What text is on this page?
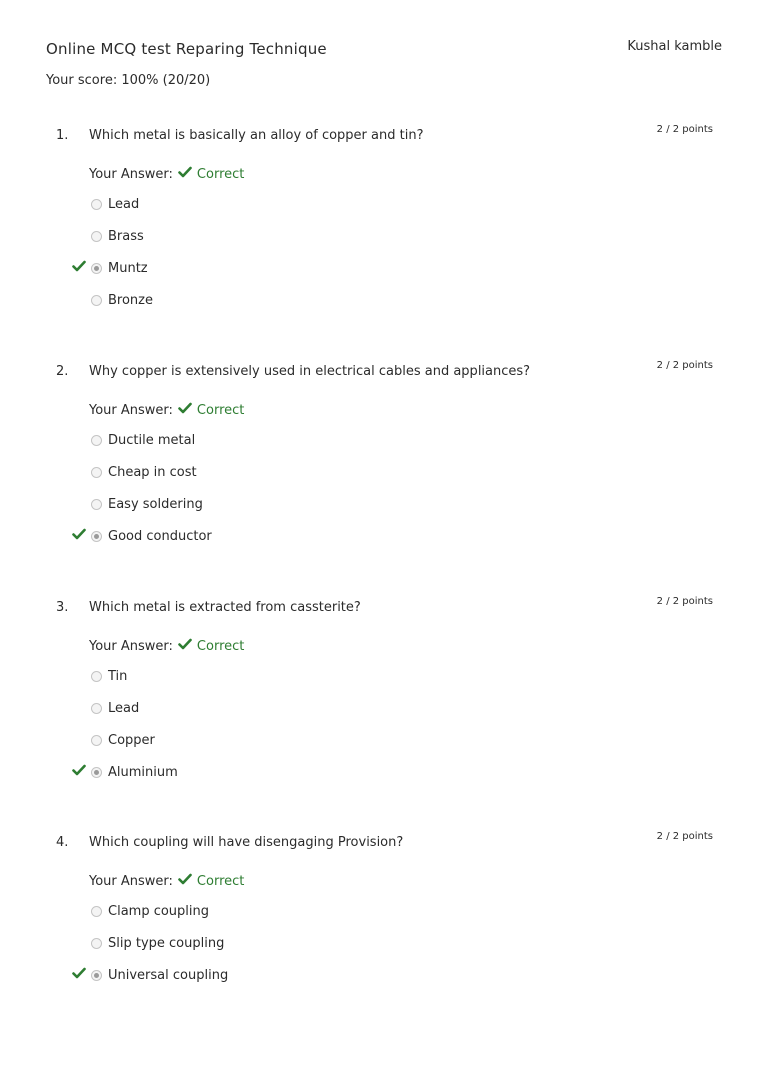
Online MCQ test Reparing Technique	Kushal kamble
Your score: 100% (20/20)
1. Which metal is basically an alloy of copper and tin?	2 / 2 points
Your Answer: Correct
Lead
Brass
Muntz
Bronze
2. Why copper is extensively used in electrical cables and appliances?	2 / 2 points
Your Answer: Correct
Ductile metal
Cheap in cost
Easy soldering
Good conductor
3. Which metal is extracted from cassterite?	2 / 2 points
Your Answer: Correct
Tin
Lead
Copper
Aluminium
4. Which coupling will have disengaging Provision?	2 / 2 points
Your Answer: Correct
Clamp coupling
Slip type coupling
Universal coupling
